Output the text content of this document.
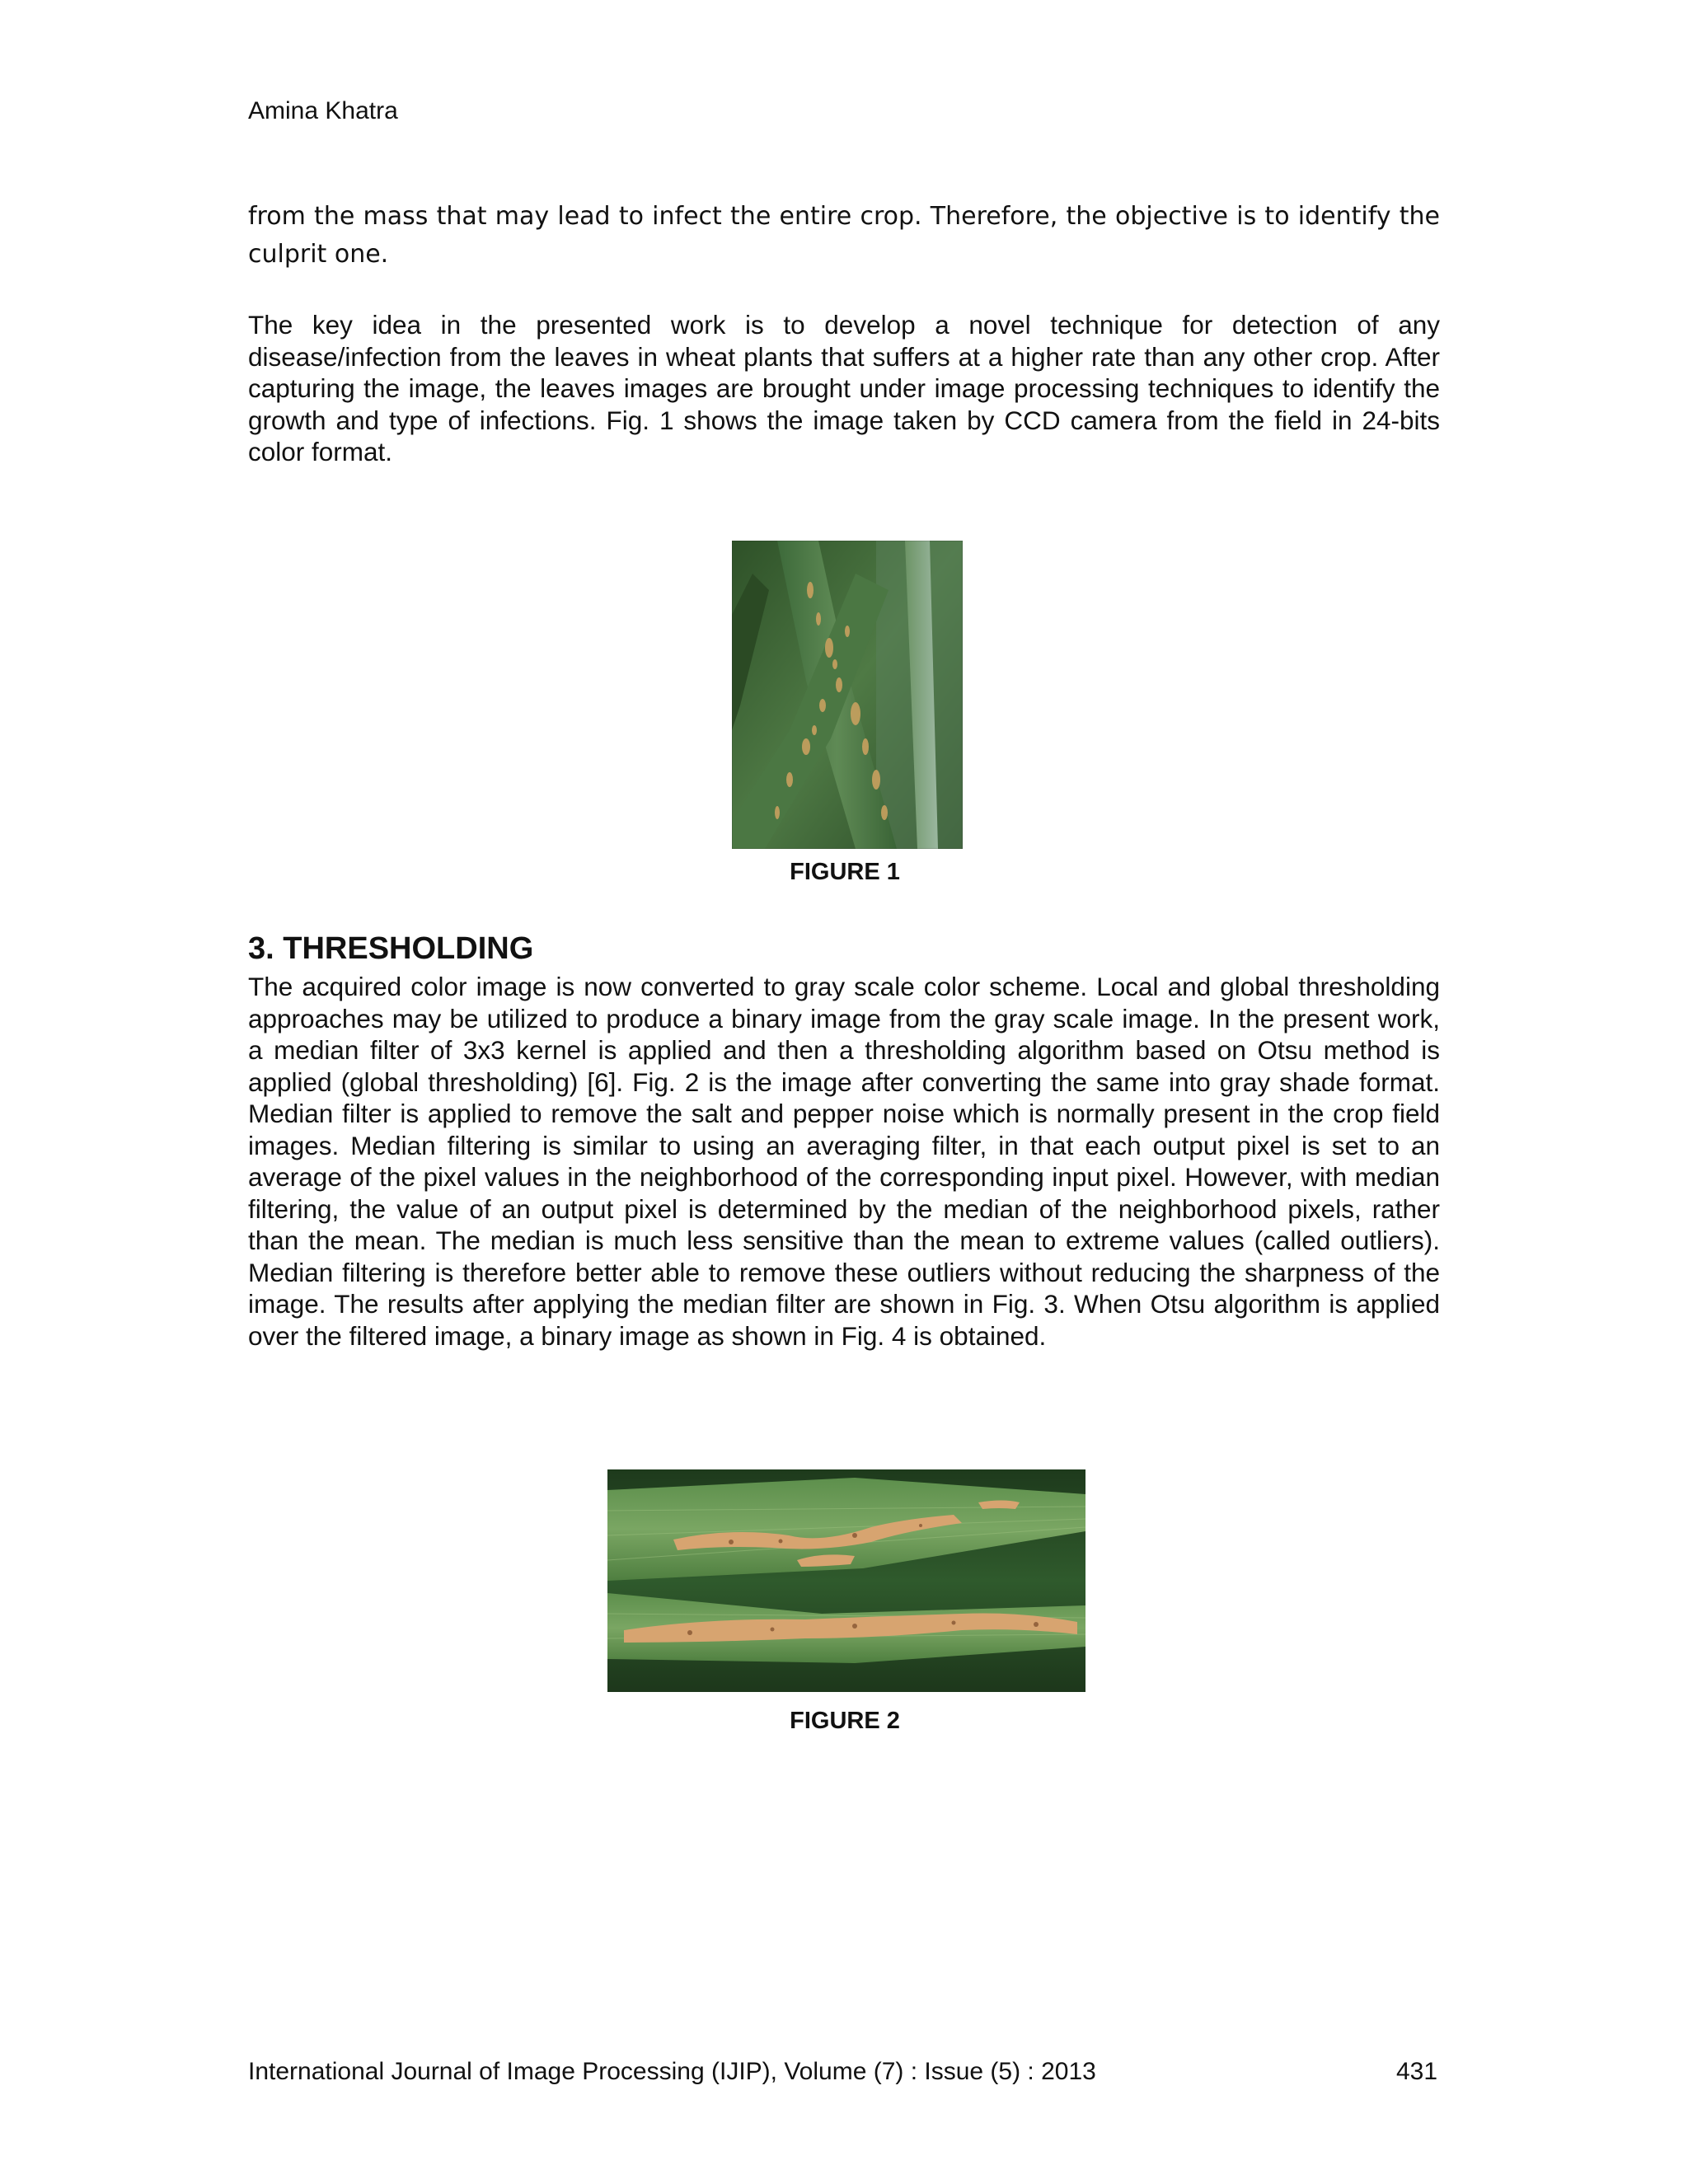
Amina Khatra

from the mass that may lead to infect the entire crop. Therefore, the objective is to identify the culprit one.

The key idea in the presented work is to develop a novel technique for detection of any disease/infection from the leaves in wheat plants that suffers at a higher rate than any other crop. After capturing the image, the leaves images are brought under image processing techniques to identify the growth and type of infections. Fig. 1 shows the image taken by CCD camera from the field in 24-bits color format.

FIGURE 1
3. THRESHOLDING

The acquired color image is now converted to gray scale color scheme. Local and global thresholding approaches may be utilized to produce a binary image from the gray scale image. In the present work, a median filter of 3x3 kernel is applied and then a thresholding algorithm based on Otsu method is applied (global thresholding) [6]. Fig. 2 is the image after converting the same into gray shade format. Median filter is applied to remove the salt and pepper noise which is normally present in the crop field images. Median filtering is similar to using an averaging filter, in that each output pixel is set to an average of the pixel values in the neighborhood of the corresponding input pixel. However, with median filtering, the value of an output pixel is determined by the median of the neighborhood pixels, rather than the mean. The median is much less sensitive than the mean to extreme values (called outliers). Median filtering is therefore better able to remove these outliers without reducing the sharpness of the image. The results after applying the median filter are shown in Fig. 3. When Otsu algorithm is applied over the filtered image, a binary image as shown in Fig. 4 is obtained.

FIGURE 2
International Journal of Image Processing (IJIP), Volume (7) : Issue (5) : 2013	431
